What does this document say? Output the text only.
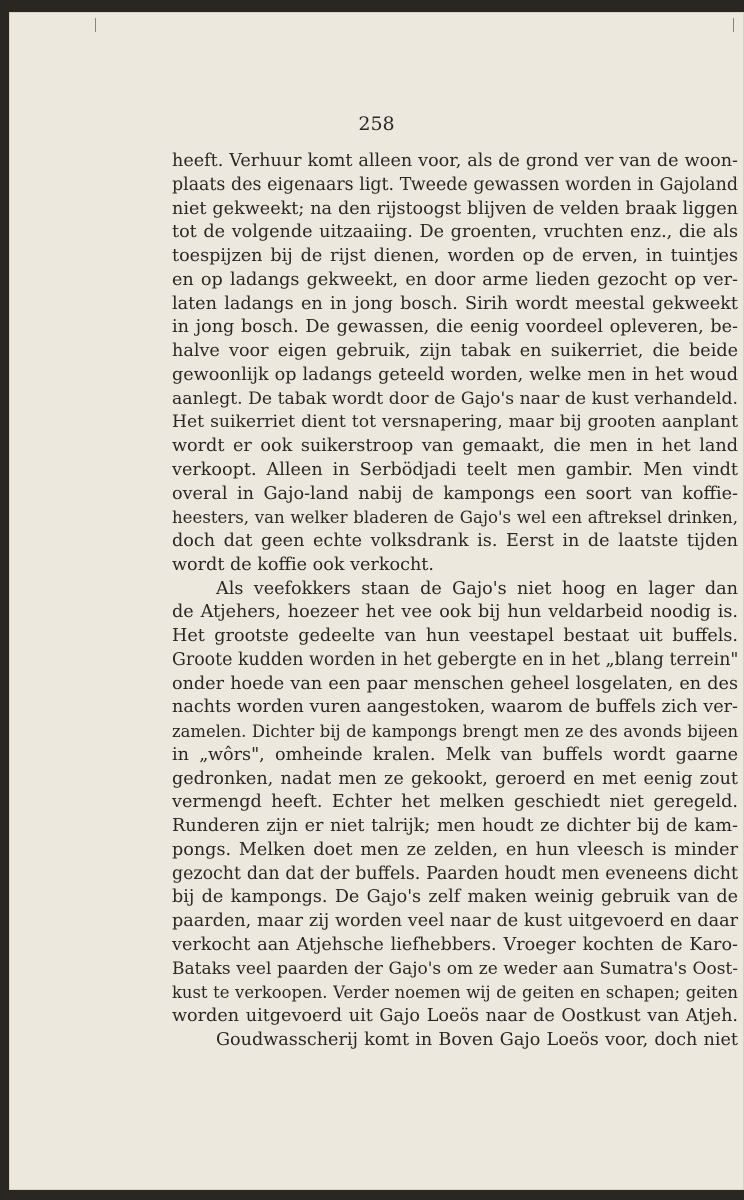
258
heeft. Verhuur komt alleen voor, als de grond ver van de woon-
plaats des eigenaars ligt. Tweede gewassen worden in Gajoland
niet gekweekt; na den rijstoogst blijven de velden braak liggen
tot de volgende uitzaaiing. De groenten, vruchten enz., die als
toespijzen bij de rijst dienen, worden op de erven, in tuintjes
en op ladangs gekweekt, en door arme lieden gezocht op ver-
laten ladangs en in jong bosch. Sirih wordt meestal gekweekt
in jong bosch. De gewassen, die eenig voordeel opleveren, be-
halve voor eigen gebruik, zijn tabak en suikerriet, die beide
gewoonlijk op ladangs geteeld worden, welke men in het woud
aanlegt. De tabak wordt door de Gajo's naar de kust verhandeld.
Het suikerriet dient tot versnapering, maar bij grooten aanplant
wordt er ook suikerstroop van gemaakt, die men in het land
verkoopt. Alleen in Serbödjadi teelt men gambir. Men vindt
overal in Gajo-land nabij de kampongs een soort van koffie-
heesters, van welker bladeren de Gajo's wel een aftreksel drinken,
doch dat geen echte volksdrank is. Eerst in de laatste tijden
wordt de koffie ook verkocht.
Als veefokkers staan de Gajo's niet hoog en lager dan
de Atjehers, hoezeer het vee ook bij hun veldarbeid noodig is.
Het grootste gedeelte van hun veestapel bestaat uit buffels.
Groote kudden worden in het gebergte en in het „blang terrein"
onder hoede van een paar menschen geheel losgelaten, en des
nachts worden vuren aangestoken, waarom de buffels zich ver-
zamelen. Dichter bij de kampongs brengt men ze des avonds bijeen
in „wôrs", omheinde kralen. Melk van buffels wordt gaarne
gedronken, nadat men ze gekookt, geroerd en met eenig zout
vermengd heeft. Echter het melken geschiedt niet geregeld.
Runderen zijn er niet talrijk; men houdt ze dichter bij de kam-
pongs. Melken doet men ze zelden, en hun vleesch is minder
gezocht dan dat der buffels. Paarden houdt men eveneens dicht
bij de kampongs. De Gajo's zelf maken weinig gebruik van de
paarden, maar zij worden veel naar de kust uitgevoerd en daar
verkocht aan Atjehsche liefhebbers. Vroeger kochten de Karo-
Bataks veel paarden der Gajo's om ze weder aan Sumatra's Oost-
kust te verkoopen. Verder noemen wij de geiten en schapen; geiten
worden uitgevoerd uit Gajo Loeös naar de Oostkust van Atjeh.
Goudwasscherij komt in Boven Gajo Loeös voor, doch niet
